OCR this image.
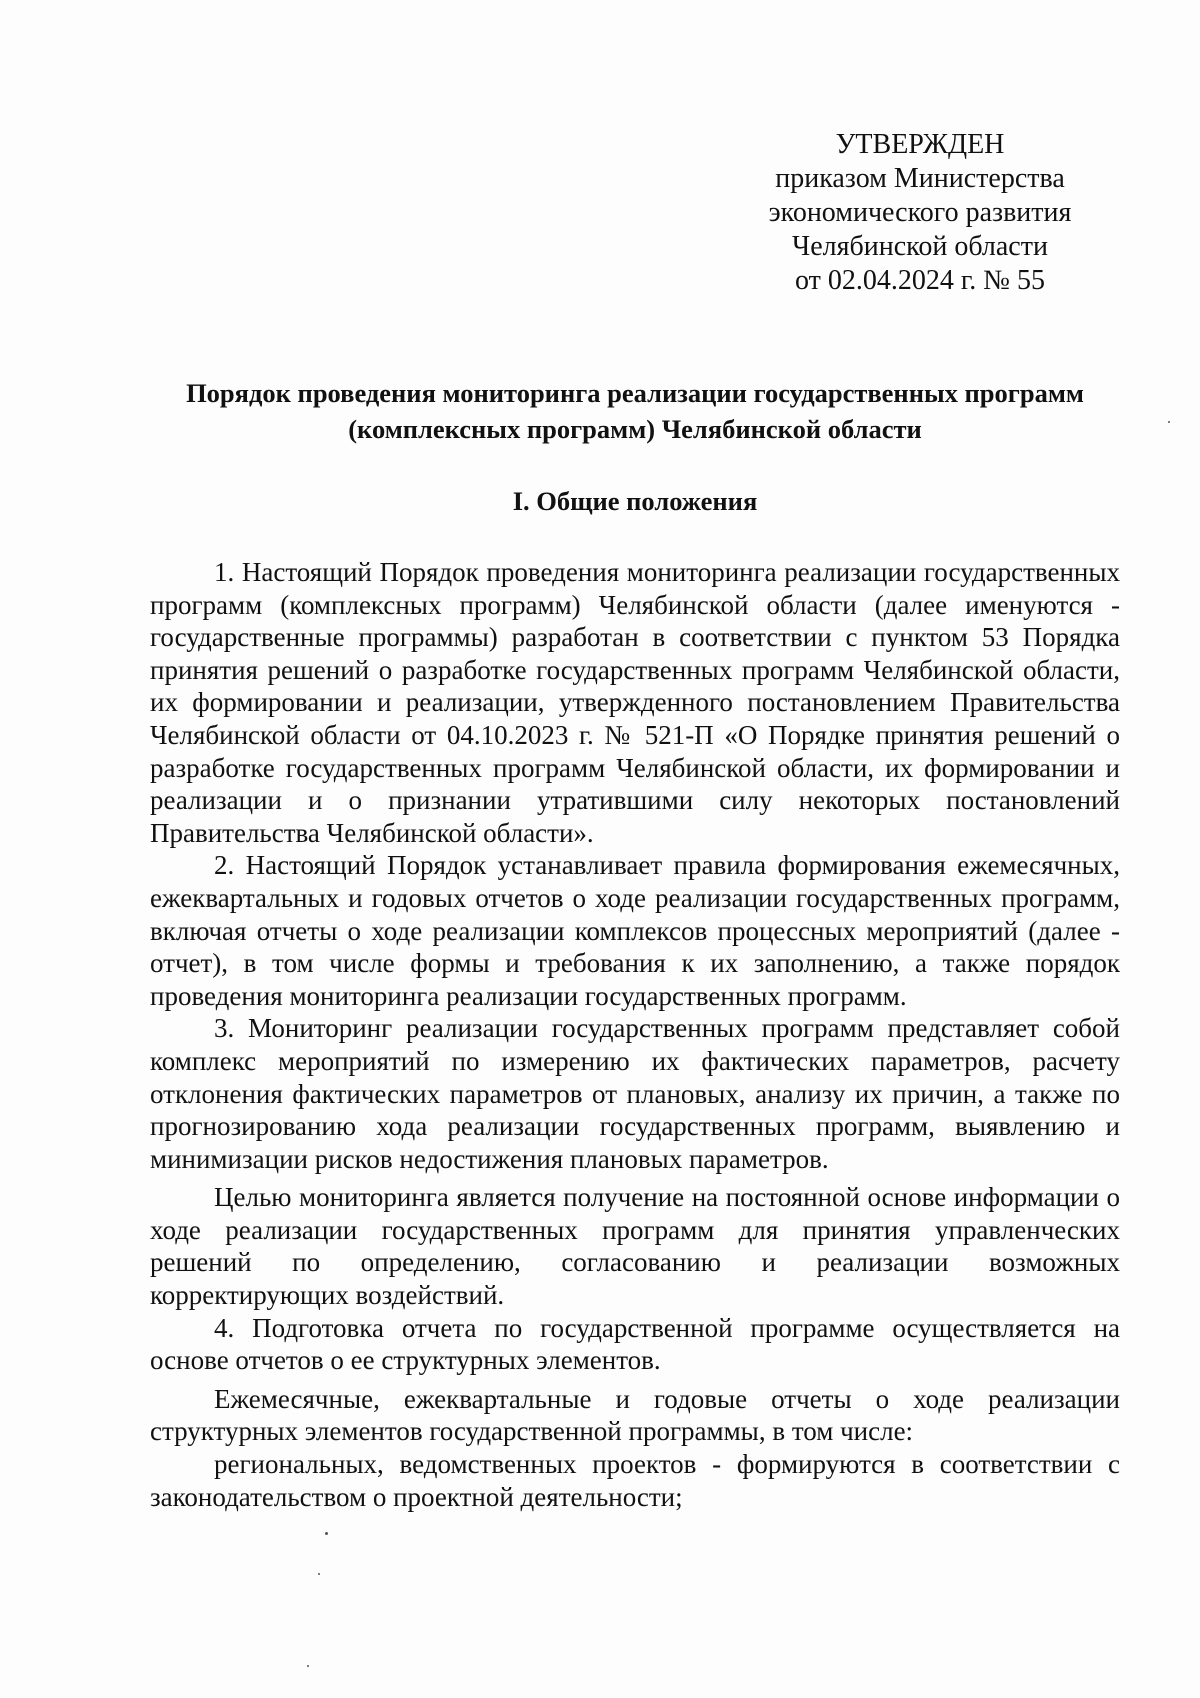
УТВЕРЖДЕН
приказом Министерства
экономического развития
Челябинской области
от 02.04.2024 г. № 55
Порядок проведения мониторинга реализации государственных программ
(комплексных программ) Челябинской области
I. Общие положения

1. Настоящий Порядок проведения мониторинга реализации государственных программ (комплексных программ) Челябинской области (далее именуются - государственные программы) разработан в соответствии с пунктом 53 Порядка принятия решений о разработке государственных программ Челябинской области, их формировании и реализации, утвержденного постановлением Правительства Челябинской области от 04.10.2023 г. № 521-П «О Порядке принятия решений о разработке государственных программ Челябинской области, их формировании и реализации и о признании утратившими силу некоторых постановлений Правительства Челябинской области».

2. Настоящий Порядок устанавливает правила формирования ежемесячных, ежеквартальных и годовых отчетов о ходе реализации государственных программ, включая отчеты о ходе реализации комплексов процессных мероприятий (далее - отчет), в том числе формы и требования к их заполнению, а также порядок проведения мониторинга реализации государственных программ.

3. Мониторинг реализации государственных программ представляет собой комплекс мероприятий по измерению их фактических параметров, расчету отклонения фактических параметров от плановых, анализу их причин, а также по прогнозированию хода реализации государственных программ, выявлению и минимизации рисков недостижения плановых параметров.

Целью мониторинга является получение на постоянной основе информации о ходе реализации государственных программ для принятия управленческих решений по определению, согласованию и реализации возможных корректирующих воздействий.

4. Подготовка отчета по государственной программе осуществляется на основе отчетов о ее структурных элементов.

Ежемесячные, ежеквартальные и годовые отчеты о ходе реализации структурных элементов государственной программы, в том числе:

региональных, ведомственных проектов - формируются в соответствии с законодательством о проектной деятельности;
